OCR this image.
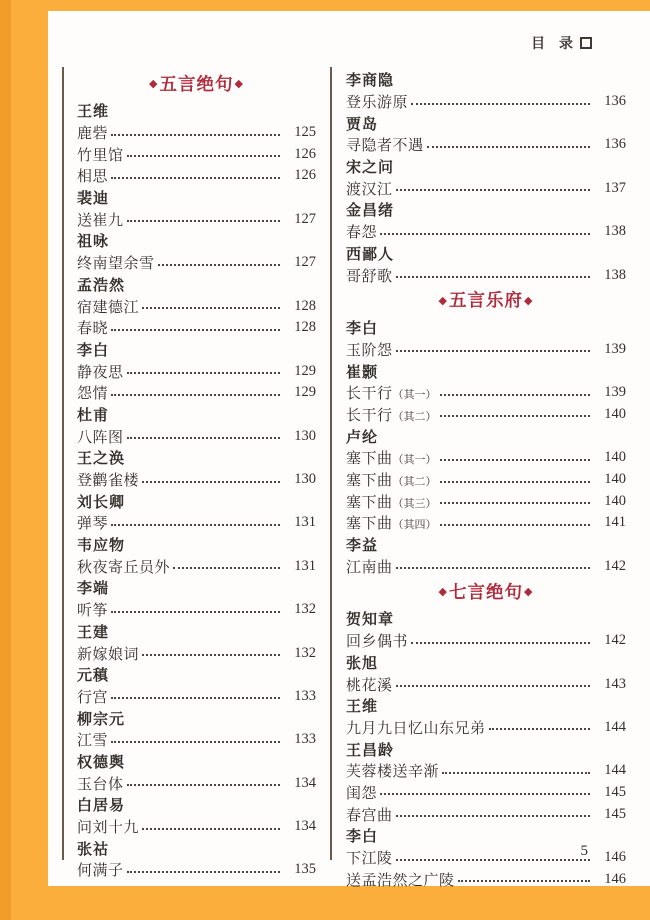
目 录
◆ 五言绝句 ◆
王维
鹿砦	125
竹里馆	126
相思	126
裴迪
送崔九	127
祖咏
终南望余雪	127
孟浩然
宿建德江	128
春晓	128
李白
静夜思	129
怨情	129
杜甫
八阵图	130
王之涣
登鹳雀楼	130
刘长卿
弹琴	131
韦应物
秋夜寄丘员外	131
李端
听筝	132
王建
新嫁娘词	132
元稹
行宫	133
柳宗元
江雪	133
权德舆
玉台体	134
白居易
问刘十九	134
张祜
何满子	135
李商隐
登乐游原	136
贾岛
寻隐者不遇	136
宋之问
渡汉江	137
金昌绪
春怨	138
西鄙人
哥舒歌	138
◆ 五言乐府 ◆
李白
玉阶怨	139
崔颢
长干行（其一）	139
长干行（其二）	140
卢纶
塞下曲（其一）	140
塞下曲（其二）	140
塞下曲（其三）	140
塞下曲（其四）	141
李益
江南曲	142
◆ 七言绝句 ◆
贺知章
回乡偶书	142
张旭
桃花溪	143
王维
九月九日忆山东兄弟	144
王昌龄
芙蓉楼送辛渐	144
闺怨	145
春宫曲	145
李白
下江陵	146
送孟浩然之广陵	146
5
